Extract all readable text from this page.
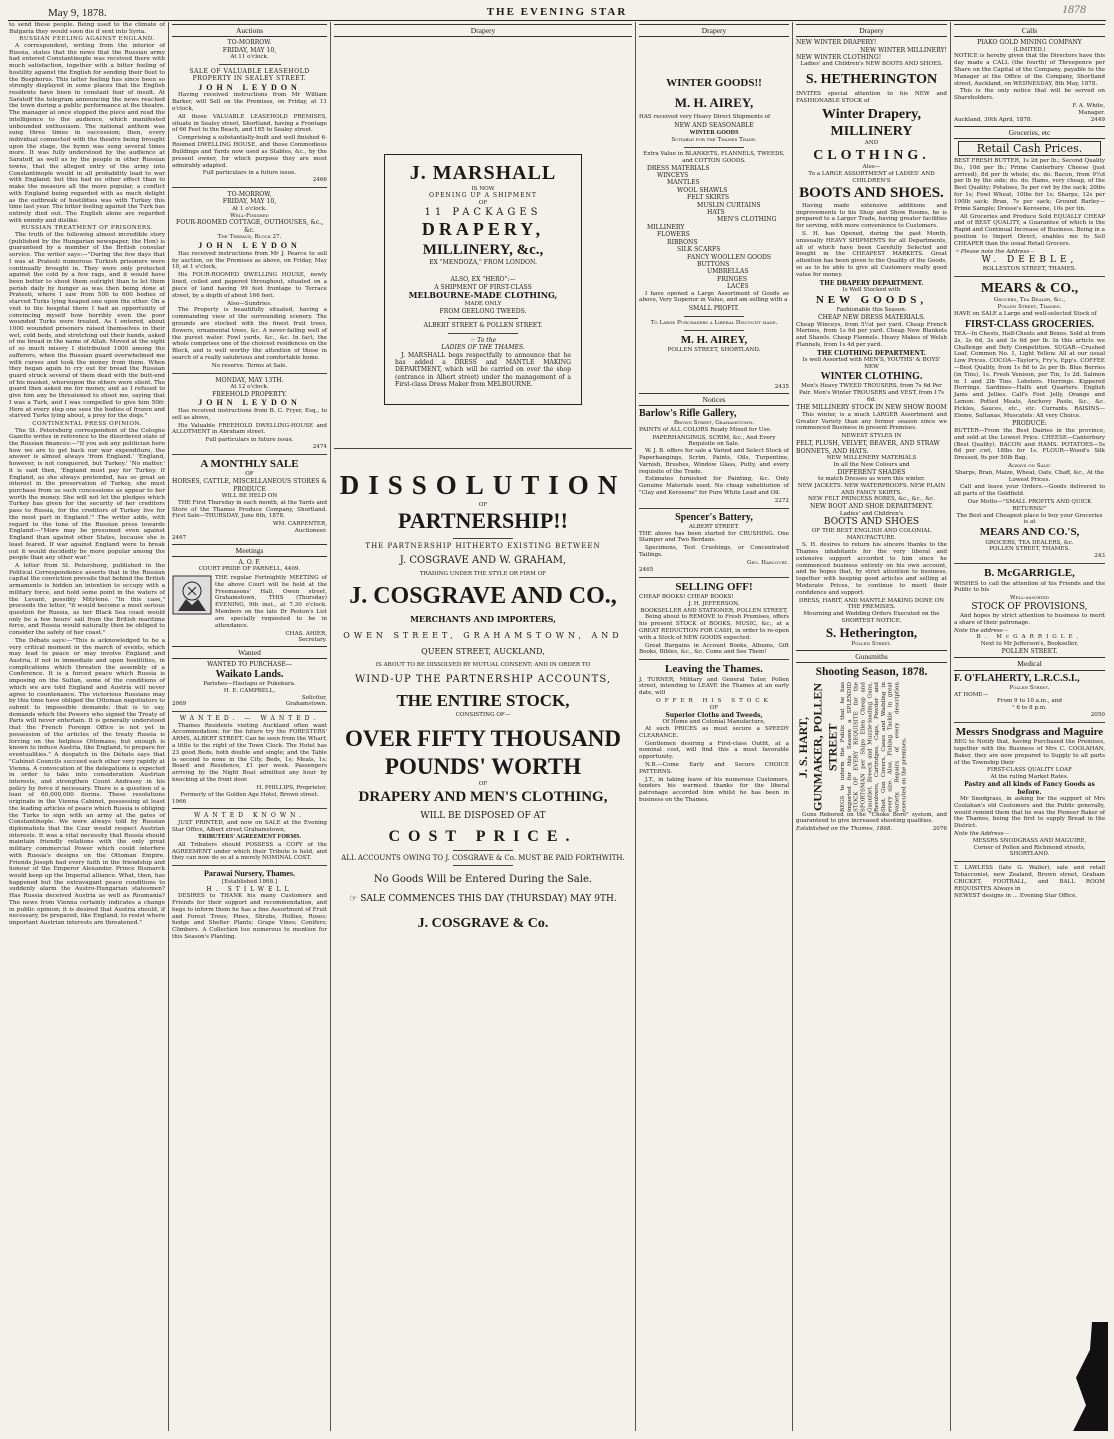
May 9, 1878.	THE EVENING STAR	1878

to send these people. Being used to the climate of Bulgaria they would soon die if sent into Syria.

RUSSIAN FEELING AGAINST ENGLAND.

A correspondent, writing from the interior of Russia, states that the news that the Russian army had entered Constantinople was received there with much satisfaction, together with a bitter feeling of hostility against the English for sending their fleet to the Bosphorus. This latter feeling has since been so strongly displayed in some places that the English residents have been in constant fear of insult. At Saratoff the telegram announcing the news reached the town during a public performance at the theatre. The manager at once stopped the piece and read the intelligence to the audience, which manifested unbounded enthusiasm. The national anthem was sung three times in succession; then, every individual connected with the theatre being brought upon the stage, the hymn was sung several times more. It was fully understood by the audience at Saratoff, as well as by the people in other Russian towns, that the alleged entry of the army into Constantinople would in all probability lead to war with England; but this had no other effect than to make the measure all the more popular, a conflict with England being regarded with as much delight as the outbreak of hostilities was with Turkey this time last year. The bitter feeling against the Turk has entirely died out. The English alone are regarded with enmity and dislike.

RUSSIAN TREATMENT OF PRISONERS.

The truth of the following almost incredible story (published by the Hungarian newspaper, the Hon) is guaranteed by a member of the British consular service. The writer says:—"During the few days that I was at Pratesti numerous Turkish prisoners were continually brought in. They were only protected against the cold by a few rags, and it would have been better to shoot them outright than to let them perish daily by hunger as was then being done at Pratesti, where I saw from 500 to 600 bodies of starved Turks lying heaped one upon the other. On a visit to the hospital there I had an opportunity of convincing myself how horribly even the poor wounded Turks were treated. As I entered, about 1000 wounded prisoners raised themselves in their wet, cold beds, and stretching out their hands, asked of me bread in the name of Allah. Moved at the sight of so much misery I distributed 1000 among the sufferers, when the Russian guard overwhelmed me with curses and took the money from them. When they began again to cry out for bread the Russian guard struck several of them dead with the butt-end of his musket, whereupon the others were silent. The guard then asked me for money, and as I refused to give him any he threatened to shoot me, saying that I was a Turk, and I was compelled to give him 50fr. Here at every step one sees the bodies of frozen and starved Turks lying about, a prey for the dogs."

CONTINENTAL PRESS OPINION.

The St. Petersburg correspondent of the Cologne Gazette writes in reference to the disordered state of the Russian finances:—"If you ask any politician here how we are to get back our war expenditure, the answer is almost always 'from England.' 'England, however, is not conquered, but Turkey.' 'No matter,' it is said then, 'England must pay for Turkey. If England, as she always pretended, has so great an interest in the preservation of Turkey, she must purchase from us such concessions as appear to her worth the money. She will not let the pledges which Turkey has given for the security of her creditors pass to Russia, for the creditors of Turkey live for the most part in England.'" The writer adds, with regard to the tone of the Russian press towards England:—"More may be presumed even against England than against other States, because she is least feared. If war against England were to break out it would decidedly be more popular among the people than any other war."

A letter from St. Petersburg, published in the Political Correspondence asserts that in the Russian capital the conviction prevails that behind the British armaments is hidden an intention to occupy with a military force, and hold some point in the waters of the Levant, possibly Mitylene. "In this case," proceeds the letter, "it would become a most serious question for Russia, as her Black Sea coast would only be a few hours' sail from the British maritime force, and Russia would naturally then be obliged to consider the safety of her coast."

The Débats says:—"This is acknowledged to be a very critical moment in the march of events, which may lead to peace or may involve England and Austria, if not in immediate and open hostilities, in complications which threaten the assembly of a Conference. It is a forced peace which Russia is imposing on the Sultan, some of the conditions of which we are told England and Austria will never agree to countenance. The victorious Russians may by this time have obliged the Ottoman negotiators to submit to impossible demands; that is to say, demands which the Powers who signed the Treaty of Paris will never entertain. It is generally understood that the French Foreign Office is not yet in possession of the articles of the treaty Russia is forcing on the helpless Ottomans; but enough is known to induce Austria, like England, to prepare for eventualities." A despatch in the Débats says that "Cabinet Councils succeed each other very rapidly at Vienna. A convocation of the delegations is expected in order to take into consideration Austrian interests, and strengthen Count Andrassy in his policy by force if necessary. There is a question of a loan of 60,000,000 florins. These resolutions originate in the Vienna Cabinet, possessing at least the leading articles of peace which Russia is obliging the Turks to sign with an army at the gates of Constantinople. We were always told by Russian diplomatists that the Czar would respect Austrian interests. It was a vital necessity that Russia should maintain friendly relations with the only great military commercial Power which could interfere with Russia's designs on the Ottoman Empire. Friends Joseph had every faith in the friendship and honour of the Emperor Alexander. Prince Bismarck would keep up the Imperial alliance. What, then, has happened but the extravagant peace conditions to suddenly alarm the Austro-Hungarian statesmen? Has Russia deceived Austria as well as Roumania? The news from Vienna certainly indicates a change in public opinion; it is desired that Austria should, if necessary, be prepared, like England, to resist where important Austrian interests are threatened."

Auctions
TO-MORROW.
FRIDAY, MAY 10,
At 11 o'clock.
SALE OF VALUABLE LEASEHOLD PROPERTY IN SEALEY STREET.
JOHN LEYDON

Having received instructions from Mr William Barker, will Sell on the Premises, on Friday, at 11 o'clock,

All those VALUABLE LEASEHOLD PREMISES, situate in Sealey street, Shortland, having a Frontage of 66 Feet to the Beach, and 165 to Sealey street.

Comprising a substantially-built and well finished 6-Roomed DWELLING HOUSE, and those Commodious Buildings and Yards now used as Stables, &c., by the present owner, for which purpose they are most admirably adapted.

Full particulars in a future issue.
2466
TO-MORROW,
FRIDAY, MAY 10,
At 1 o'clock.
Well-Finished
FOUR-ROOMED COTTAGE, OUTHOUSES, &c., &c.
The Terrace, Block 27.
JOHN LEYDON

Has received instructions from Mr J. Pearce to sell by auction, on the Premises as above, on Friday, May 10, at 1 o'clock,

His FOUR-ROOMED DWELLING HOUSE, newly lined, ceiled and papered throughout, situated on a piece of land having 99 feet frontage to Terrace street, by a depth of about 166 feet.

Also—Sundries.

The Property is beautifully situated, having a commanding view of the surrounding scenery. The grounds are stocked with the finest fruit trees, flowers, ornamental trees, &c. A never-failing well of the purest water. Fowl yards, &c., &c. In fact, the whole comprises one of the choicest residences on the Block, and is well worthy the attention of those in search of a really salubrious and comfortable home.

No reserve. Terms at Sale.
MONDAY, MAY 13TH.
At 12 o'clock.
FREEHOLD PROPERTY.
JOHN LEYDON

Has received instructions from B. C. Fryer, Esq., to sell as above,

His Valuable FREEHOLD DWELLING-HOUSE and ALLOTMENT in Abraham street.

Full particulars in future issue.
2474
A MONTHLY SALE
OF
HORSES, CATTLE, MISCELLANEOUS STORES & PRODUCE
WILL BE HELD ON

THE First Thursday in each month, at the Yards and Store of the Thames Produce Company, Shortland. First Sale—THURSDAY, June 6th, 1878.

WM. CARPENTER,
Auctioneer.
2467
Meetings
A. O. F.
COURT PRIDE OF PARNELL, 4409.

THE regular Fortnightly MEETING of the above Court will be held at the Freemasons' Hall, Owen street, Grahamstown, THIS (Thursday) EVENING, 9th inst., at 7.30 o'clock. Members on the late Dr Peston's List are specially requested to be in attendance.

CHAS. AHIER,
Secretary.
Wanted
WANTED TO PURCHASE—
Waikato Lands.
Parishes—Hautapu or Pukekura.
H. E. CAMPBELL,
Solicitor,
2069	Grahamstown.
WANTED. — WANTED.

Thames Residents visiting Auckland often want Accommodation; for the future try the FORESTERS' ARMS, ALBERT STREET. Can be seen from the Wharf, a little to the right of the Town Clock. The Hotel has 23 good Beds, both double and single; and the Table is second to none in the City. Beds, 1s; Meals, 1s; Board and Residence, £1 per week. Passengers arriving by the Night Boat admitted any hour by knocking at the front door.

H. PHILLIPS, Proprietor,
Formerly of the Golden Age Hotel, Brown street.
1966
WANTED KNOWN.

JUST PRINTED, and now on SALE at the Evening Star Office, Albert street Grahamstown,

TRIBUTERS' AGREEMENT FORMS.

All Tributers should POSSESS a COPY of the AGREEMENT under which their Tribute is held, and they can now do so at a merely NOMINAL COST.

Parawai Nursery, Thames.
[Established 1868.]
H. STILWELL

DESIRES to THANK his many Customers and Friends for their support and recommendation, and begs to inform them he has a fine Assortment of Fruit and Forest Trees; Pines, Shrubs, Hollies, Roses; hedge and Shelter Plants; Grape Vines; Conifers; Climbers. A Collection too numerous to mention for this Season's Planting.

Drapery
J. MARSHALL
IS NOW
OPENING UP A SHIPMENT
OF
11 PACKAGES
DRAPERY,
MILLINERY, &c.,
EX "MENDOZA," FROM LONDON.
ALSO, EX "HERO":—
A SHIPMENT OF FIRST-CLASS
MELBOURNE-MADE CLOTHING,
MADE ONLY
FROM GEELONG TWEEDS.
ALBERT STREET & POLLEN STREET.
☞ To the
LADIES OF THE THAMES.

J. MARSHALL begs respectfully to announce that he has added a DRESS and MANTLE MAKING DEPARTMENT, which will be carried on over the shop (entrance in Albert street) under the management of a First-class Dress Maker from MELBOURNE.

DISSOLUTION
OF
PARTNERSHIP!!
THE PARTNERSHIP HITHERTO EXISTING BETWEEN
J. COSGRAVE AND W. GRAHAM,
TRADING UNDER THE STYLE OR FIRM OF
J. COSGRAVE AND CO.,
MERCHANTS AND IMPORTERS,
OWEN STREET, GRAHAMSTOWN, AND
QUEEN STREET, AUCKLAND,
IS ABOUT TO BE DISSOLVED BY MUTUAL CONSENT; AND IN ORDER TO
WIND-UP THE PARTNERSHIP ACCOUNTS,
THE ENTIRE STOCK,
CONSISTING OF—
OVER FIFTY THOUSAND
POUNDS' WORTH
OF
DRAPERY AND MEN'S CLOTHING,
WILL BE DISPOSED OF AT
COST PRICE.
ALL ACCOUNTS OWING TO J. COSGRAVE & Co. MUST BE PAID FORTHWITH.
No Goods Will be Entered During the Sale.
☞ SALE COMMENCES THIS DAY (THURSDAY) MAY 9TH.
J. COSGRAVE & Co.
Drapery
WINTER GOODS!!
M. H. AIREY,

HAS received very Heavy Direct Shipments of

NEW AND SEASONABLE
WINTER GOODS
Suitable for the Thames Trade.
Extra Value in BLANKETS, FLANNELS, TWEEDS, and COTTON GOODS.
DRESS MATERIALS
WINCEYS
MANTLES
WOOL SHAWLS
FELT SKIRTS
MUSLIN CURTAINS
HATS
MEN'S CLOTHING
MILLINERY
FLOWERS
RIBBONS
SILK SCARFS
FANCY WOOLLEN GOODS
BUTTONS
UMBRELLAS
FRINGES
LACES

I have opened a Large Assortment of Goods as above, Very Superior in Value, and am selling with a

SMALL PROFIT.
To Large Purchasers a Liberal Discount made.
M. H. AIREY,
POLLEN STREET, SHORTLAND.
2435
Notices
Barlow's Rifle Gallery,
Brown Street, Grahamstown.

PAINTS of ALL COLORS Ready Mixed for Use.

PAPERHANGINGS, SCRIM, &c., And Every Requisite on Sale.

W. J. B. offers for sale a Varied and Select Stock of Paperhangings, Scrim, Paints, Oils, Turpentine, Varnish, Brushes, Window Glass, Putty, and every requisite of the Trade.

Estimates furnished for Painting, &c. Only Genuine Materials used. No cheap substitution of "Clay and Kerosene" for Pure White Lead and Oil.

2272
Spencer's Battery,
ALBERT STREET.

THE above has been started for CRUSHING. One Stamper and Two Berdans.

Specimens, Test Crushings, or Concentrated Tailings.

Geo. Harcourt.
2465
SELLING OFF!
CHEAP BOOKS! CHEAP BOOKS!
J. H. JEFFERSON,
BOOKSELLER AND STATIONER, POLLEN STREET,

Being about to REMOVE to Fresh Premises, offers his present STOCK of BOOKS, MUSIC, &c., at a GREAT REDUCTION FOR CASH, in order to re-open with a Stock of NEW GOODS expected.

Great Bargains in Account Books, Albums, Gift Books, Bibles, &c., &c. Come and See Them!

Leaving the Thames.

J. TURNER, Military and General Tailor, Pollen street, intending to LEAVE the Thames at an early date, will

OFFER HIS STOCK
OF
Superior Cloths and Tweeds,
Of Home and Colonial Manufacture,

At such PRICES as must secure a SPEEDY CLEARANCE.

Gentlemen desiring a First-class Outfit, at a nominal cost, will find this a most favorable opportunity.

N.B.—Come Early and Secure CHOICE PATTERNS.

J.T., in taking leave of his numerous Customers, tenders his warmest thanks for the liberal patronage accorded him whilst he has been in business on the Thames.

Drapery
NEW WINTER DRAPERY!
NEW WINTER MILLINERY!
NEW WINTER CLOTHING!
Ladies' and Children's NEW BOOTS AND SHOES.
S. HETHERINGTON

INVITES special attention to his NEW and FASHIONABLE STOCK of

Winter Drapery,
MILLINERY
AND
CLOTHING.
Also—
To a LARGE ASSORTMENT of LADIES' AND CHILDREN'S
BOOTS AND SHOES.

Having made extensive additions and improvements to his Shop and Show Rooms, he is prepared to a Larger Trade, having greater facilities for serving, with more convenience to Customers.

S. H. has Opened, during the past Month, unusually HEAVY SHIPMENTS for all Departments, all of which have been Carefully Selected and bought in the CHEAPEST MARKETS. Great attention has been given to the Quality of the Goods, so as to be able to give all Customers really good value for money.

THE DRAPERY DEPARTMENT.
Is Well Stocked with
NEW GOODS,
Fashionable this Season.
CHEAP NEW DRESS MATERIALS.

Cheap Winceys, from 5½d per yard. Cheap French Merinos, from 1s 6d per yard. Cheap New Blankets and Shawls. Cheap Flannels. Heavy Makes of Welsh Flannels, from 1s 4d per yard.

THE CLOTHING DEPARTMENT.
Is well Assorted with MEN'S, YOUTHS' & BOYS' NEW
WINTER CLOTHING.

Men's Heavy TWEED TROUSERS, from 7s 6d Per Pair. Men's Winter TROUSERS and VEST, from 17s 6d.

THE MILLINERY STOCK IN NEW SHOW ROOM

This winter, is a much LARGER Assortment and Greater Variety than any former season since we commenced Business in present Premises.

NEWEST STYLES IN
FELT, PLUSH, VELVET, BEAVER, AND STRAW BONNETS, AND HATS.
NEW MILLENERY MATERIALS
In all the New Colours and
DIFFERENT SHADES
to match Dresses as worn this winter.
NEW JACKETS. NEW WATERPROOFS. NEW PLAIN AND FANCY SKIRTS.
NEW FELT PRINCESS ROBES, &c., &c., &c.
NEW BOOT AND SHOE DEPARTMENT.
Ladies' and Children's
BOOTS AND SHOES
OF THE BEST ENGLISH AND COLONIAL MANUFACTURE.

S. H. desires to return his sincere thanks to the Thames inhabitants for the very liberal and extensive support accorded to him since he commenced business entirely on his own account, and he hopes that, by strict attention to business, together with keeping good articles and selling at Moderate Prices, to continue to merit their confidence and support.

DRESS, HABIT, AND MANTLE MAKING DONE ON THE PREMISES.
Mourning and Wedding Orders Executed on the SHORTEST NOTICE.
S. Hetherington,
Pollen Street.
Gunsmiths
Shooting Season, 1878.
J. S. HART, GUNMAKER, POLLEN STREET BEGS to inform the Public that he has imported for this Season a SPLENDID STOCK OF EVERY REQUISITE for the SPORTSMAN per Ships Ellen Cheap and Gauntlet. Breech and Muzzle-loading Guns, Revolvers, Cartridges, Caps, Powder and Shot. Gun Covers, Cases and Wadding in every size. Also, Fishing Tackle in great variety. Repairs of every description executed on the premises.

Guns Rebored on the "Choke Bore" system, and guaranteed to give increased shooting qualities.

Established on the Thames, 1868.	2076
Calls
PIAKO GOLD MINING COMPANY
(LIMITED.)

NOTICE is hereby given that the Directors have this day made a CALL (the fourth) of Threepence per Share on the Capital of the Company, payable to the Manager at the Office of the Company, Shortland street, Auckland, on WEDNESDAY, 8th May, 1878.

This is the only notice that will be served on Shareholders.

F. A. White,
Manager.
Auckland, 30th April, 1878.	2449
Groceries, etc
Retail Cash Prices.

BEST FRESH BUTTER, 1s 2d per lb.; Second Quality Do., 10d per lb.; Prime Canterbury Cheese (just arrived), 8d per lb whole; do. do. Bacon, from 9½d per lb by the side; do. do. Hams, very cheap, of the Best Quality; Potatoes, 5s per cwt by the sack; 20lbs for 1s; Fowl Wheat, 10lbs for 1s; Sharps, 12s per 100lb sack; Bran, 7s per sack; Ground Barley—Prime Sample; Dresse's Kerosene, 10s per tin.

All Groceries and Produce Sold EQUALLY CHEAP and of BEST QUALITY, a Guarantee of which is the Rapid and Continual Increase of Business. Being in a position to Import Direct, enables me to Sell CHEAPER than the usual Retail Grocers.

☞ Please note the Address—
W. DEEBLE,
ROLLESTON STREET, THAMES.
MEARS & CO.,
Grocers, Tea Dealer, &c.,
Pollen Street, Thames.

HAVE on SALE a Large and well-selected Stock of

FIRST-CLASS GROCERIES.

TEA—In Chests, Half-Chests and Boxes. Sold at from 2s, 2s 6d, 3s and 3s 6d per lb. In this article we Challenge and Defy Competition. SUGAR—Crushed Loaf, Common No. 1, Light Yellow. All at our usual Low Prices. COCOA—Taylor's, Fry's, Epp's. COFFEE—Best Quality, from 1s 8d to 2s per lb. Blue Berries (in Tins), 1s. Fresh Venison, per Tin, 1s 2d. Salmon in 1 and 2lb Tins. Lobsters. Herrings. Kippered Herrings. Sardines—Halfs and Quarters. English Jams and Jellies. Calf's Foot Jelly, Orange and Lemon. Potted Meats, Anchovy Paste, &c., &c. Pickles, Sauces, etc., etc. Currants. RAISINS—Eleme, Sultanas, Muscatels: All very Choice.

PRODUCE:

BUTTER—From the Best Dairies in the province, and sold at the Lowest Price. CHEESE—Canterbury (Best Quality). BACON and HAMS. POTATOES—5s 6d per cwt, 18lbs for 1s. FLOUR—Wood's Silk Dressed, 9s per 50lb Bag.

Always on Sale:

Sharps, Bran, Maize, Wheat, Oats, Chaff, &c., At the Lowest Prices.

Call and leave your Orders.—Goods delivered to all parts of the Goldfield.

Our Motto—"SMALL PROFITS AND QUICK RETURNS!"
The Best and Cheapest place to buy your Groceries is at
MEARS AND CO.'S,
GROCERS, TEA DEALERS, &c.
POLLEN STREET, THAMES.
243
B. McGARRIGLE,

WISHES to call the attention of his Friends and the Public to his

Well-assorted
STOCK OF PROVISIONS,

And hopes by strict attention to business to merit a share of their patronage.

Note the address—
B. McGARRIGLE,
Next to Mr Jefferson's, Bookseller,
POLLEN STREET.
Medical
F. O'FLAHERTY, L.R.C.S.I.,
Pollen Street.
AT HOME—
From 9 to 10 a.m., and
" 6 to 8 p.m.
2050
Messrs Snodgrass and Maguire

BEG to Notify that, having Purchased the Premises, together with the Business of Mrs C. COOLAHAN, Baker, they are now prepared to Supply to all parts of the Township their

FIRST-CLASS QUALITY LOAF
At the ruling Market Rates.
Pastry and all kinds of Fancy Goods as before.

Mr Snodgrass, in asking for the support of Mrs Coolahan's old Customers and the Public generally, would remind them that he was the Pioneer Baker of the Thames, being the first to supply Bread in the District.

Note the Address—
MESSRS SNODGRASS AND MAGUIRE,
Corner of Pollen and Richmond streets, SHORTLAND.

T. LAWLESS (late G. Waller), sale and retail Tobacconist, new Zealand, Brown street, Graham CRICKET, FOOTBALL, and BALL ROOM REQUISITES Always in

NEWEST designs in ... Evening Star Office.
